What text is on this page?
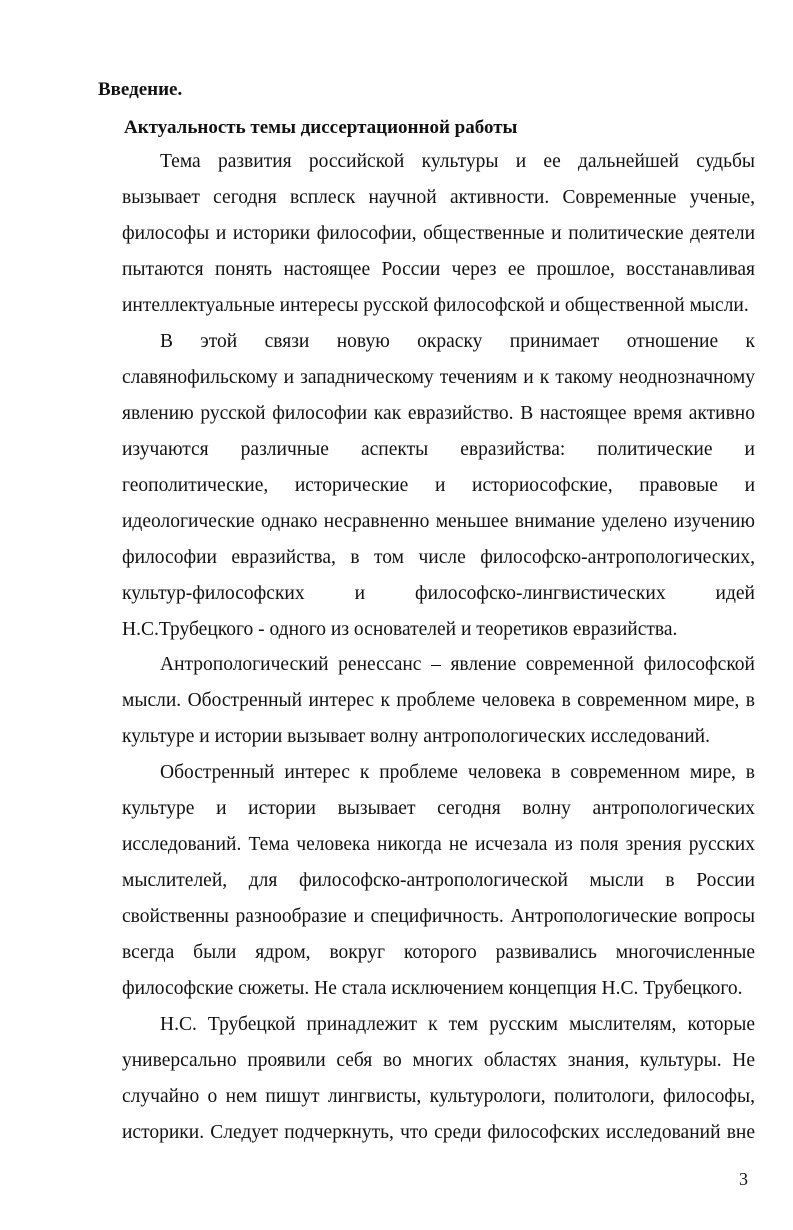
Введение.
Актуальность темы диссертационной работы
Тема развития российской культуры и ее дальнейшей судьбы
вызывает сегодня всплеск научной активности. Современные ученые,
философы и историки философии, общественные и политические деятели
пытаются понять настоящее России через ее прошлое, восстанавливая
интеллектуальные интересы русской философской и общественной мысли.
В этой связи новую окраску принимает отношение к
славянофильскому и западническому течениям и к такому неоднозначному
явлению русской философии как евразийство. В настоящее время активно
изучаются различные аспекты евразийства: политические и
геополитические, исторические и историософские, правовые и
идеологические однако несравненно меньшее внимание уделено изучению
философии евразийства, в том числе философско-антропологических,
культур-философских и философско-лингвистических идей
Н.С.Трубецкого - одного из основателей и теоретиков евразийства.
Антропологический ренессанс – явление современной философской
мысли. Обостренный интерес к проблеме человека в современном мире, в
культуре и истории вызывает волну антропологических исследований.
Обостренный интерес к проблеме человека в современном мире, в
культуре и истории вызывает сегодня волну антропологических
исследований. Тема человека никогда не исчезала из поля зрения русских
мыслителей, для философско-антропологической мысли в России
свойственны разнообразие и специфичность. Антропологические вопросы
всегда были ядром, вокруг которого развивались многочисленные
философские сюжеты. Не стала исключением концепция Н.С. Трубецкого.
Н.С. Трубецкой принадлежит к тем русским мыслителям, которые
универсально проявили себя во многих областях знания, культуры. Не
случайно о нем пишут лингвисты, культурологи, политологи, философы,
историки. Следует подчеркнуть, что среди философских исследований вне
3
